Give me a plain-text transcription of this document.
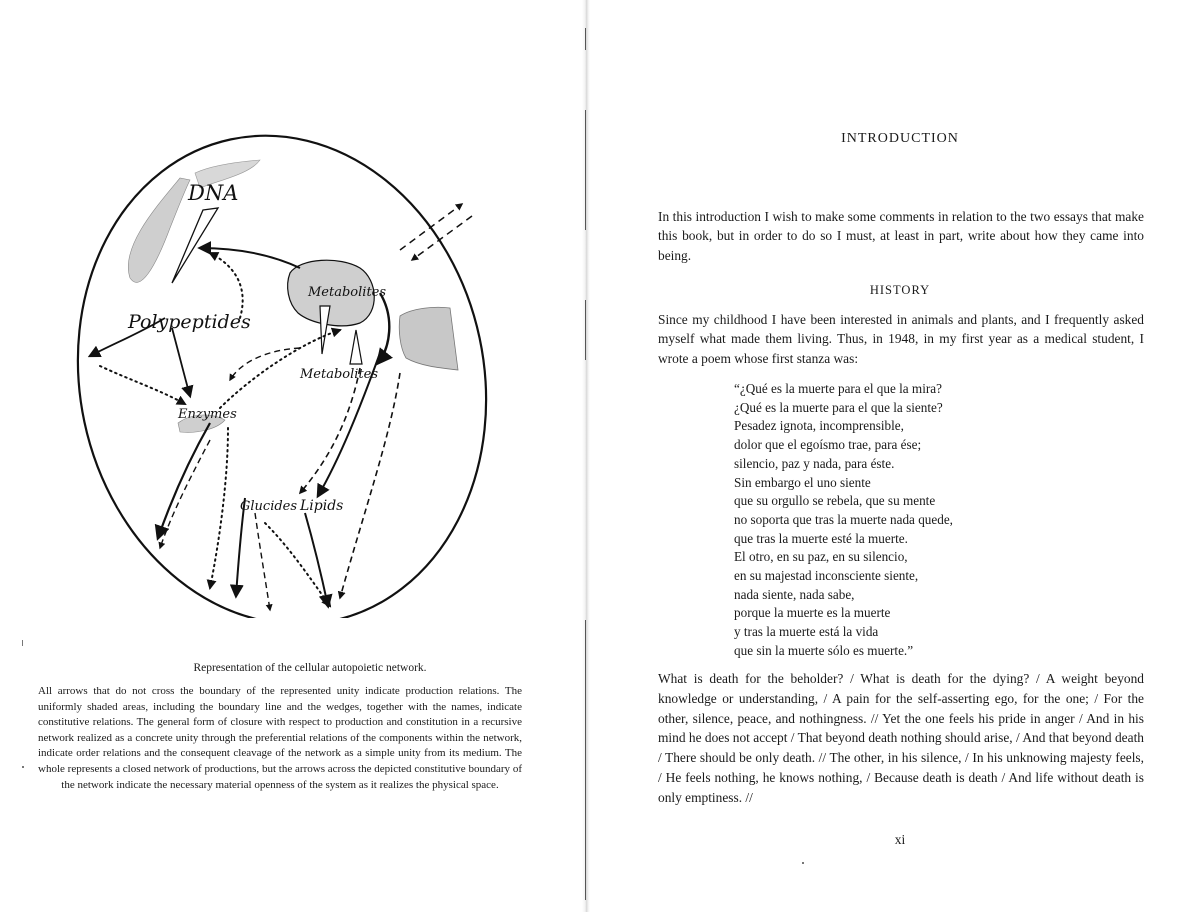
DNA
Polypeptides
Metabolites
Metabolites
Enzymes
Glucides Lipids
Representation of the cellular autopoietic network.
All arrows that do not cross the boundary of the represented unity indicate production relations. The uniformly shaded areas, including the boundary line and the wedges, together with the names, indicate constitutive relations. The general form of closure with respect to production and constitution in a recursive network realized as a concrete unity through the preferential relations of the components within the network, indicate order relations and the consequent cleavage of the network as a simple unity from its medium. The whole represents a closed network of productions, but the arrows across the depicted constitutive boundary of the network indicate the necessary material openness of the system as it realizes the physical space.
INTRODUCTION
In this introduction I wish to make some comments in relation to the two essays that make this book, but in order to do so I must, at least in part, write about how they came into being.
HISTORY
Since my childhood I have been interested in animals and plants, and I frequently asked myself what made them living. Thus, in 1948, in my first year as a medical student, I wrote a poem whose first stanza was:
“¿Qué es la muerte para el que la mira?
¿Qué es la muerte para el que la siente?
Pesadez ignota, incomprensible,
dolor que el egoísmo trae, para ése;
silencio, paz y nada, para éste.
Sin embargo el uno siente
que su orgullo se rebela, que su mente
no soporta que tras la muerte nada quede,
que tras la muerte esté la muerte.
El otro, en su paz, en su silencio,
en su majestad inconsciente siente,
nada siente, nada sabe,
porque la muerte es la muerte
y tras la muerte está la vida
que sin la muerte sólo es muerte.”
What is death for the beholder? / What is death for the dying? / A weight beyond knowledge or understanding, / A pain for the self-asserting ego, for the one; / For the other, silence, peace, and nothingness. // Yet the one feels his pride in anger / And in his mind he does not accept / That beyond death nothing should arise, / And that beyond death / There should be only death. // The other, in his silence, / In his unknowing majesty feels, / He feels nothing, he knows nothing, / Because death is death / And life without death is only emptiness. //
xi
